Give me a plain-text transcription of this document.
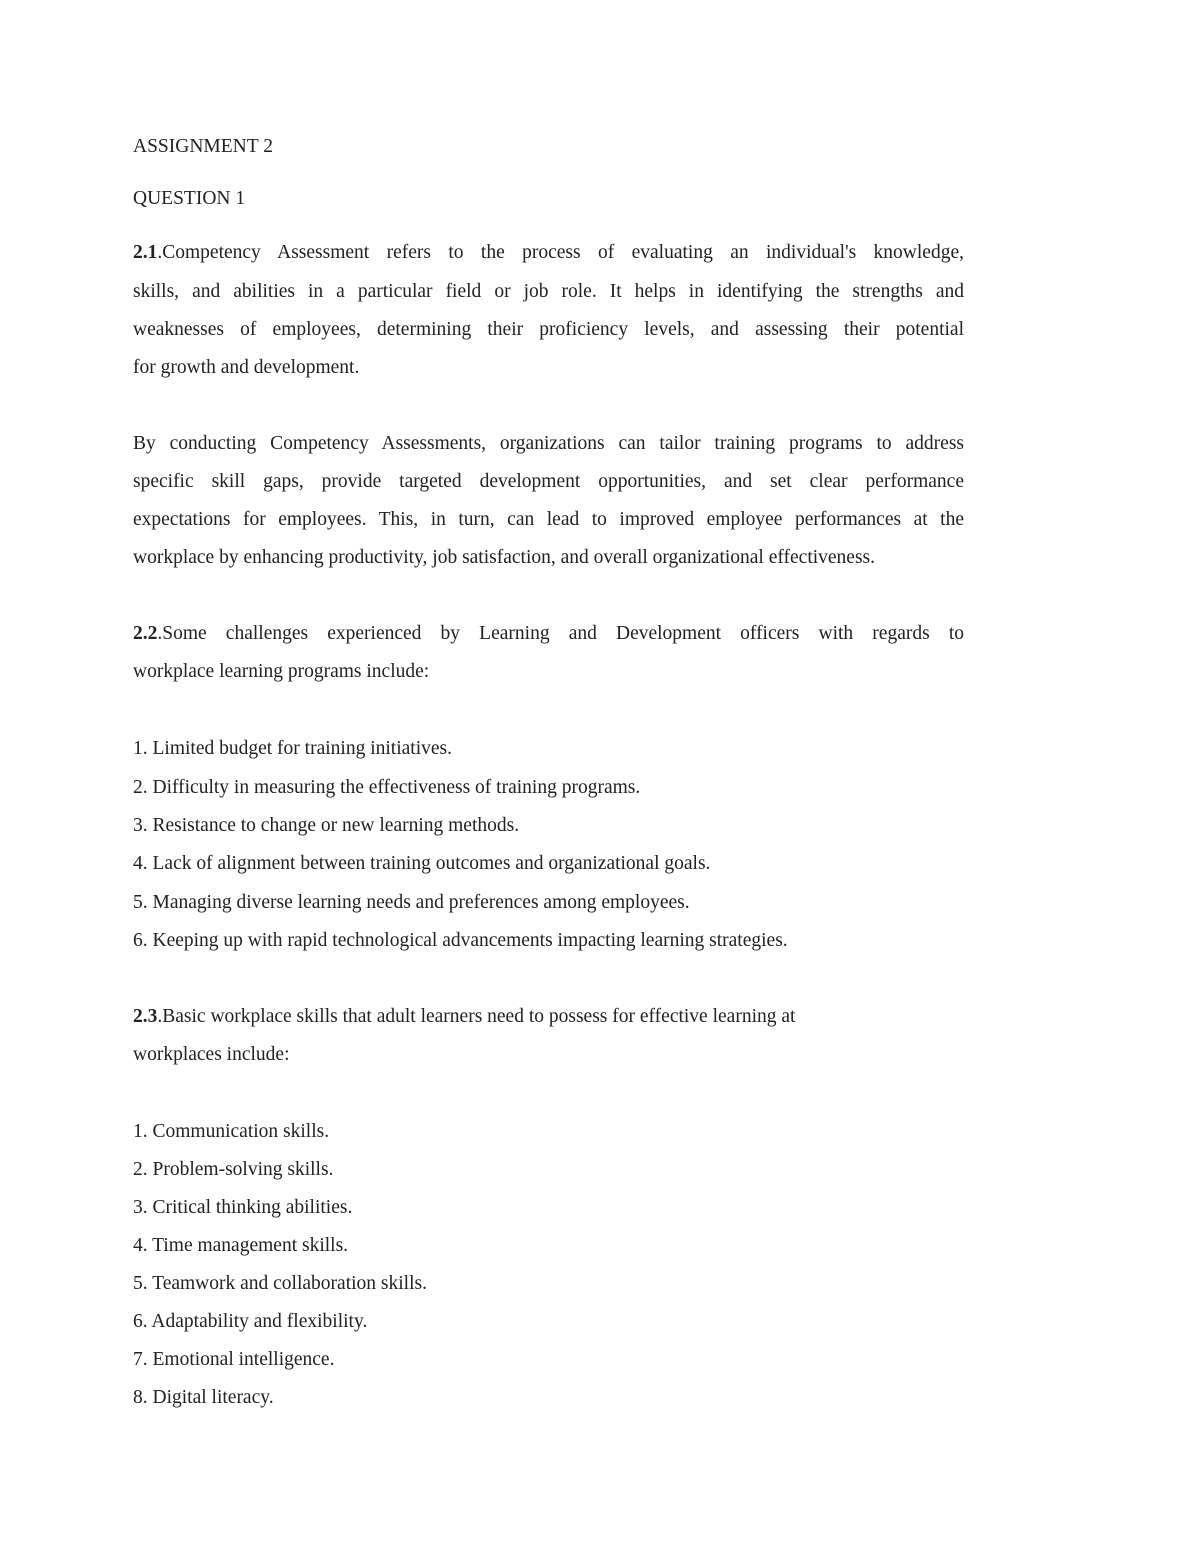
ASSIGNMENT 2
QUESTION 1
2.1.Competency Assessment refers to the process of evaluating an individual's knowledge,
skills, and abilities in a particular field or job role. It helps in identifying the strengths and
weaknesses of employees, determining their proficiency levels, and assessing their potential
for growth and development.
By conducting Competency Assessments, organizations can tailor training programs to address
specific skill gaps, provide targeted development opportunities, and set clear performance
expectations for employees. This, in turn, can lead to improved employee performances at the
workplace by enhancing productivity, job satisfaction, and overall organizational effectiveness.
2.2.Some challenges experienced by Learning and Development officers with regards to
workplace learning programs include:
1. Limited budget for training initiatives.
2. Difficulty in measuring the effectiveness of training programs.
3. Resistance to change or new learning methods.
4. Lack of alignment between training outcomes and organizational goals.
5. Managing diverse learning needs and preferences among employees.
6. Keeping up with rapid technological advancements impacting learning strategies.
2.3.Basic workplace skills that adult learners need to possess for effective learning at
workplaces include:
1. Communication skills.
2. Problem-solving skills.
3. Critical thinking abilities.
4. Time management skills.
5. Teamwork and collaboration skills.
6. Adaptability and flexibility.
7. Emotional intelligence.
8. Digital literacy.
